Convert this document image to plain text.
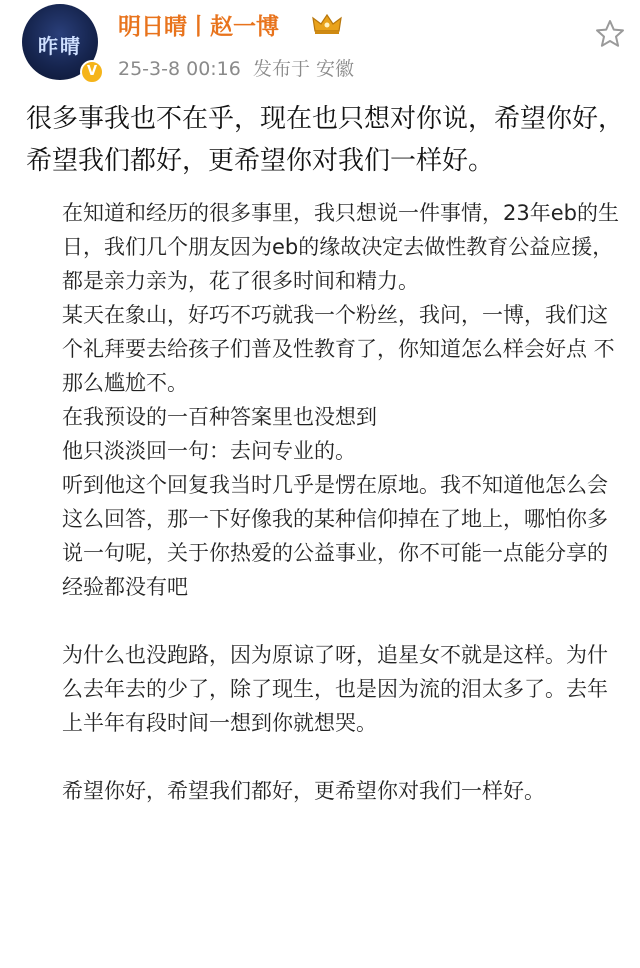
昨晴
V
明日晴丨赵一博
25-3-8 00:16 发布于 安徽
很多事我也不在乎，现在也只想对你说，希望你好，希望我们都好，更希望你对我们一样好。

在知道和经历的很多事里，我只想说一件事情，23年eb的生日，我们几个朋友因为eb的缘故决定去做性教育公益应援，都是亲力亲为，花了很多时间和精力。

某天在象山，好巧不巧就我一个粉丝，我问，一博，我们这个礼拜要去给孩子们普及性教育了，你知道怎么样会好点 不那么尴尬不。

在我预设的一百种答案里也没想到

他只淡淡回一句：去问专业的。

听到他这个回复我当时几乎是愣在原地。我不知道他怎么会这么回答，那一下好像我的某种信仰掉在了地上，哪怕你多说一句呢，关于你热爱的公益事业，你不可能一点能分享的经验都没有吧

为什么也没跑路，因为原谅了呀，追星女不就是这样。为什么去年去的少了，除了现生，也是因为流的泪太多了。去年上半年有段时间一想到你就想哭。

希望你好，希望我们都好，更希望你对我们一样好。
